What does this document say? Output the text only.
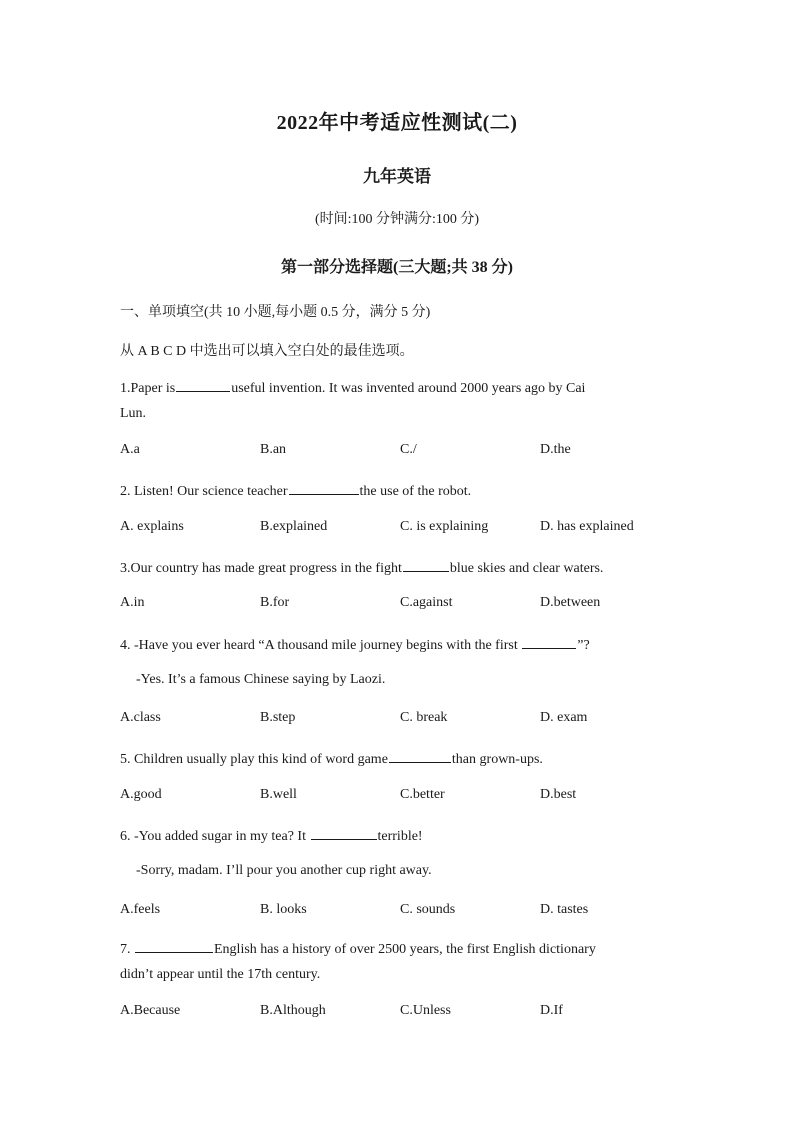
2022年中考适应性测试(二)
九年英语
(时间:100 分钟满分:100 分)
第一部分选择题(三大题;共 38 分)
一、单项填空(共 10 小题,每小题 0.5 分，满分 5 分)
从 A B C D 中选出可以填入空白处的最佳选项。
1.Paper is	useful invention. It was invented around 2000 years ago by Cai
Lun.
A.a	B.an	C./	D.the
2. Listen! Our science teacher	the use of the robot.
A. explains	B.explained	C. is explaining	D. has explained
3.Our country has made great progress in the fight	blue skies and clear waters.
A.in	B.for	C.against	D.between
4. -Have you ever heard “A thousand mile journey begins with the first	”?
-Yes. It’s a famous Chinese saying by Laozi.
A.class	B.step	C. break	D. exam
5. Children usually play this kind of word game	than grown-ups.
A.good	B.well	C.better	D.best
6. -You added sugar in my tea? It	terrible!
-Sorry, madam. I’ll pour you another cup right away.
A.feels	B. looks	C. sounds	D. tastes
7.	English has a history of over 2500 years, the first English dictionary
didn’t appear until the 17th century.
A.Because	B.Although	C.Unless	D.If
